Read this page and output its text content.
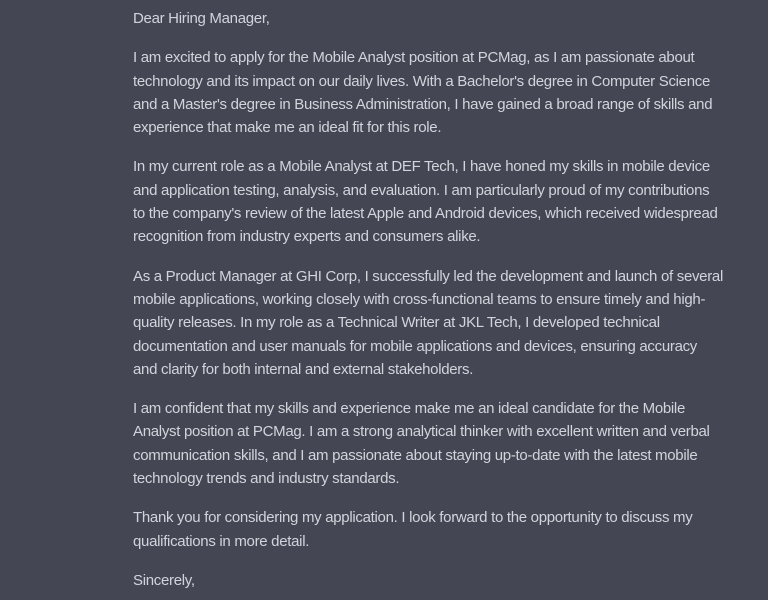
Dear Hiring Manager,
I am excited to apply for the Mobile Analyst position at PCMag, as I am passionate about
technology and its impact on our daily lives. With a Bachelor's degree in Computer Science
and a Master's degree in Business Administration, I have gained a broad range of skills and
experience that make me an ideal fit for this role.
In my current role as a Mobile Analyst at DEF Tech, I have honed my skills in mobile device
and application testing, analysis, and evaluation. I am particularly proud of my contributions
to the company's review of the latest Apple and Android devices, which received widespread
recognition from industry experts and consumers alike.
As a Product Manager at GHI Corp, I successfully led the development and launch of several
mobile applications, working closely with cross-functional teams to ensure timely and high-
quality releases. In my role as a Technical Writer at JKL Tech, I developed technical
documentation and user manuals for mobile applications and devices, ensuring accuracy
and clarity for both internal and external stakeholders.
I am confident that my skills and experience make me an ideal candidate for the Mobile
Analyst position at PCMag. I am a strong analytical thinker with excellent written and verbal
communication skills, and I am passionate about staying up-to-date with the latest mobile
technology trends and industry standards.
Thank you for considering my application. I look forward to the opportunity to discuss my
qualifications in more detail.
Sincerely,
